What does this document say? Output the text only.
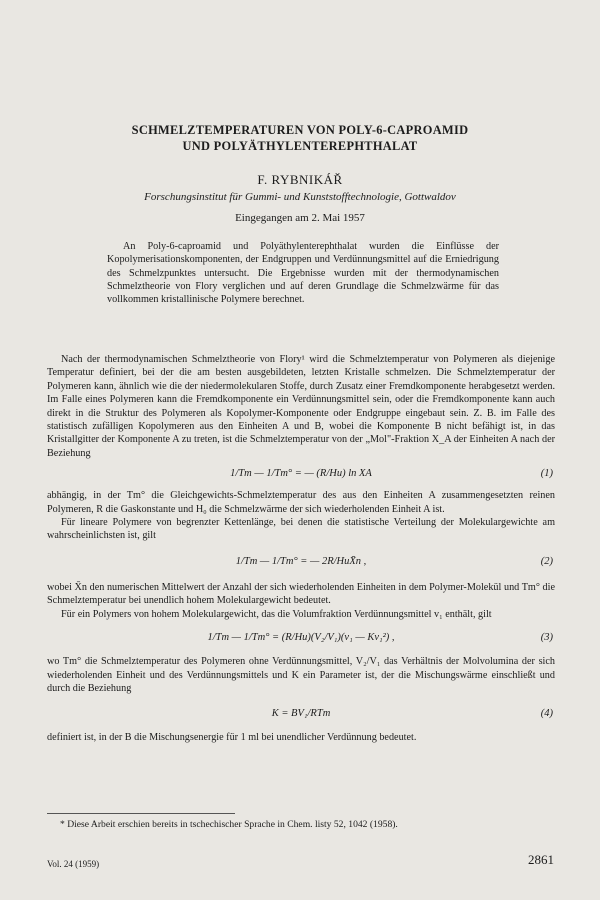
SCHMELZTEMPERATUREN VON POLY-6-CAPROAMID
UND POLYÄTHYLENTEREPHTHALAT
F. RYBNIKÁŘ
Forschungsinstitut für Gummi- und Kunststofftechnologie, Gottwaldov
Eingegangen am 2. Mai 1957

An Poly-6-caproamid und Polyäthylenterephthalat wurden die Einflüsse der Kopolymerisationskomponenten, der Endgruppen und Verdünnungsmittel auf die Erniedrigung des Schmelzpunktes untersucht. Die Ergebnisse wurden mit der thermodynamischen Schmelztheorie von Flory verglichen und auf deren Grundlage die Schmelzwärme für das vollkommen kristallinische Polymere berechnet.

Nach der thermodynamischen Schmelztheorie von Flory¹ wird die Schmelztemperatur von Polymeren als diejenige Temperatur definiert, bei der die am besten ausgebildeten, letzten Kristalle schmelzen. Die Schmelztemperatur der Polymeren kann, ähnlich wie die der niedermolekularen Stoffe, durch Zusatz einer Fremdkomponente herabgesetzt werden. Im Falle eines Polymeren kann die Fremdkomponente ein Verdünnungsmittel sein, oder die Fremdkomponente kann auch direkt in die Struktur des Polymeren als Kopolymer-Komponente oder Endgruppe eingebaut sein. Z. B. im Falle des statistisch zufälligen Kopolymeren aus den Einheiten A und B, wobei die Komponente B nicht befähigt ist, in das Kristallgitter der Komponente A zu treten, ist die Schmelztemperatur von der „Mol"-Fraktion X_A der Einheiten A nach der Beziehung

1/Tm — 1/Tm° = — (R/Hu) ln XA	(1)

abhängig, in der Tm° die Gleichgewichts-Schmelztemperatur des aus den Einheiten A zusammengesetzten reinen Polymeren, R die Gaskonstante und H₀ die Schmelzwärme der sich wiederholenden Einheit A ist.

Für lineare Polymere von begrenzter Kettenlänge, bei denen die statistische Verteilung der Molekulargewichte am wahrscheinlichsten ist, gilt

1/Tm — 1/Tm° = — 2R/HuX̄n ,	(2)

wobei X̄n den numerischen Mittelwert der Anzahl der sich wiederholenden Einheiten in dem Polymer-Molekül und Tm° die Schmelztemperatur bei unendlich hohem Molekulargewicht bedeutet.

Für ein Polymers von hohem Molekulargewicht, das die Volumfraktion Verdünnungsmittel v₁ enthält, gilt

1/Tm — 1/Tm° = (R/Hu)(V₂/V₁)(v₁ — Kv₁²) ,	(3)

wo Tm° die Schmelztemperatur des Polymeren ohne Verdünnungsmittel, V₂/V₁ das Verhältnis der Molvolumina der sich wiederholenden Einheit und des Verdünnungsmittels und K ein Parameter ist, der die Mischungswärme einschließt und durch die Beziehung

K = BV₁/RTm	(4)

definiert ist, in der B die Mischungsenergie für 1 ml bei unendlicher Verdünnung bedeutet.

* Diese Arbeit erschien bereits in tschechischer Sprache in Chem. listy 52, 1042 (1958).
Vol. 24 (1959)	2861
